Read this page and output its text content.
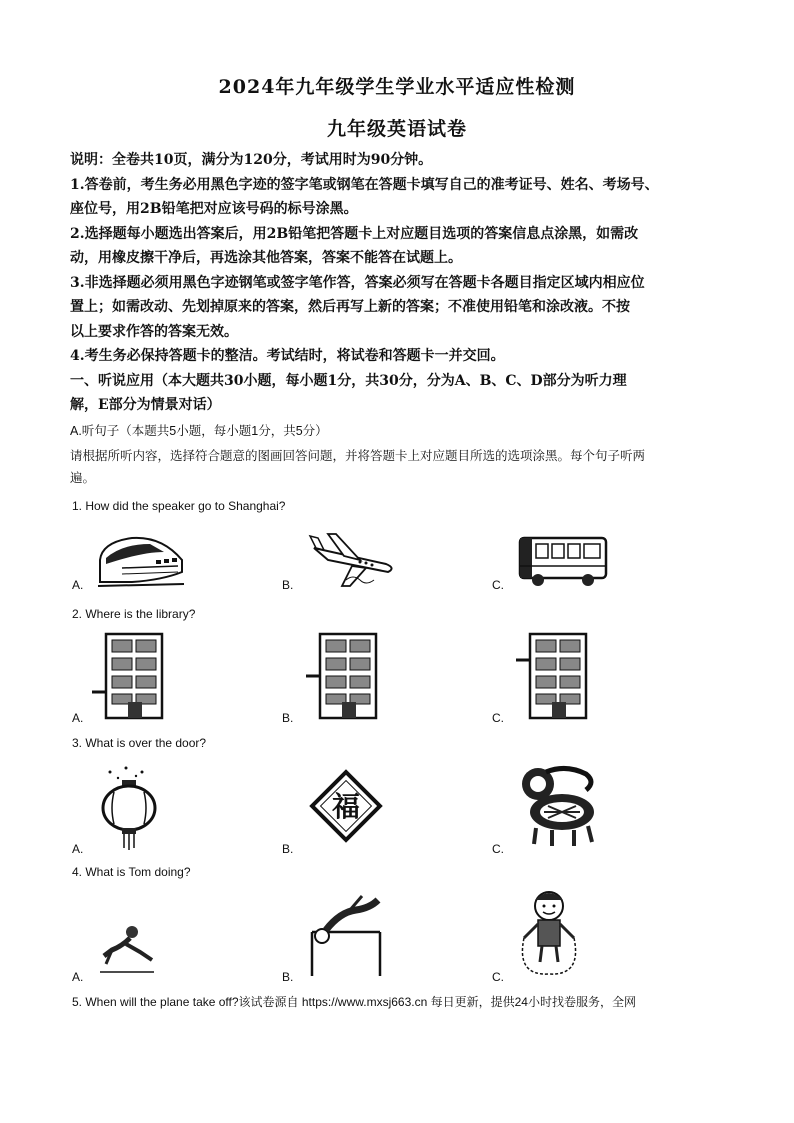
2024年九年级学生学业水平适应性检测
九年级英语试卷
说明：全卷共10页，满分为120分，考试用时为90分钟。
1.答卷前，考生务必用黑色字迹的签字笔或钢笔在答题卡填写自己的准考证号、姓名、考场号、
座位号，用2B铅笔把对应该号码的标号涂黑。
2.选择题每小题选出答案后，用2B铅笔把答题卡上对应题目选项的答案信息点涂黑，如需改
动，用橡皮擦干净后，再选涂其他答案，答案不能答在试题上。
3.非选择题必须用黑色字迹钢笔或签字笔作答，答案必须写在答题卡各题目指定区域内相应位
置上；如需改动、先划掉原来的答案，然后再写上新的答案；不准使用铅笔和涂改液。不按
以上要求作答的答案无效。
4.考生务必保持答题卡的整洁。考试结时，将试卷和答题卡一并交回。
一、听说应用（本大题共30小题，每小题1分，共30分，分为A、B、C、D部分为听力理
解，E部分为情景对话）
A.听句子（本题共5小题，每小题1分，共5分）
请根据所听内容，选择符合题意的图画回答问题，并将答题卡上对应题目所选的选项涂黑。每个句子听两
遍。
1. How did the speaker go to Shanghai?
A.	B.	C.
2. Where is the library?
A.	B.	C.
3. What is over the door?
A.	B.	C.
福
4. What is Tom doing?
A.	B.	C.
5. When will the plane take off?该试卷源自 https://www.mxsj663.cn 每日更新，提供24小时找卷服务，全网
